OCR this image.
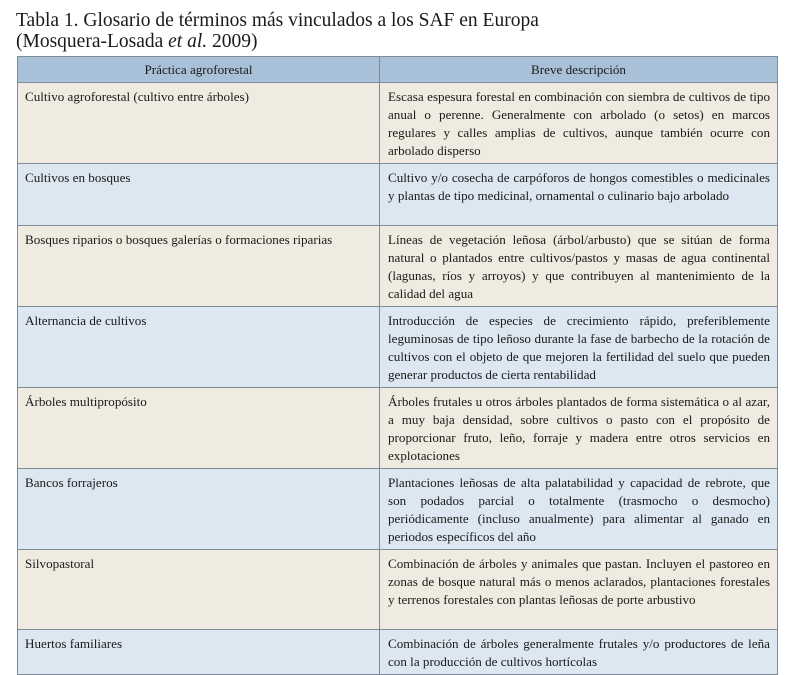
Tabla 1. Glosario de términos más vinculados a los SAF en Europa
(Mosquera-Losada et al. 2009)
Práctica agroforestal	Breve descripción
Cultivo agroforestal (cultivo entre árboles)	Escasa espesura forestal en combinación con siembra de cultivos de tipo anual o perenne. Generalmente con arbolado (o setos) en marcos regulares y calles amplias de cultivos, aunque también ocurre con arbolado disperso
Cultivos en bosques	Cultivo y/o cosecha de carpóforos de hongos comestibles o medicinales y plantas de tipo medicinal, ornamental o culinario bajo arbolado
Bosques riparios o bosques galerías o formaciones riparias	Líneas de vegetación leñosa (árbol/arbusto) que se sitúan de forma natural o plantados entre cultivos/pastos y masas de agua continental (lagunas, ríos y arroyos) y que contribuyen al mantenimiento de la calidad del agua
Alternancia de cultivos	Introducción de especies de crecimiento rápido, preferiblemente leguminosas de tipo leñoso durante la fase de barbecho de la rotación de cultivos con el objeto de que mejoren la fertilidad del suelo que pueden generar productos de cierta rentabilidad
Árboles multipropósito	Árboles frutales u otros árboles plantados de forma sistemática o al azar, a muy baja densidad, sobre cultivos o pasto con el propósito de proporcionar fruto, leño, forraje y madera entre otros servicios en explotaciones
Bancos forrajeros	Plantaciones leñosas de alta palatabilidad y capacidad de rebrote, que son podados parcial o totalmente (trasmocho o desmocho) periódicamente (incluso anualmente) para alimentar al ganado en periodos específicos del año
Silvopastoral	Combinación de árboles y animales que pastan. Incluyen el pastoreo en zonas de bosque natural más o menos aclarados, plantaciones forestales y terrenos forestales con plantas leñosas de porte arbustivo
Huertos familiares	Combinación de árboles generalmente frutales y/o productores de leña con la producción de cultivos hortícolas
